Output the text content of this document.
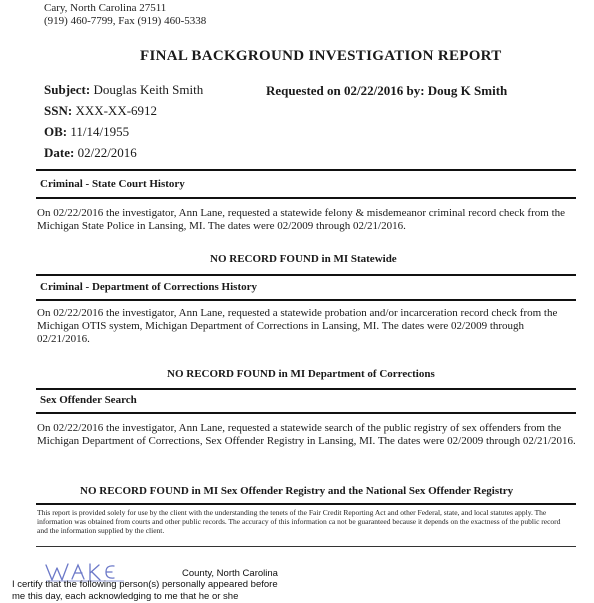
Cary, North Carolina 27511
(919) 460-7799, Fax (919) 460-5338
FINAL BACKGROUND INVESTIGATION REPORT
Subject: Douglas Keith Smith
SSN: XXX-XX-6912
OB: 11/14/1955
Date: 02/22/2016
Requested on 02/22/2016 by: Doug K Smith
Criminal - State Court History
On 02/22/2016 the investigator, Ann Lane, requested a statewide felony & misdemeanor criminal record check from the Michigan State Police in Lansing, MI. The dates were 02/2009 through 02/21/2016.
NO RECORD FOUND in MI Statewide
Criminal - Department of Corrections History
On 02/22/2016 the investigator, Ann Lane, requested a statewide probation and/or incarceration record check from the Michigan OTIS system, Michigan Department of Corrections in Lansing, MI. The dates were 02/2009 through 02/21/2016.
NO RECORD FOUND in MI Department of Corrections
Sex Offender Search
On 02/22/2016 the investigator, Ann Lane, requested a statewide search of the public registry of sex offenders from the Michigan Department of Corrections, Sex Offender Registry in Lansing, MI. The dates were 02/2009 through 02/21/2016.
NO RECORD FOUND in MI Sex Offender Registry and the National Sex Offender Registry
This report is provided solely for use by the client with the understanding the tenets of the Fair Credit Reporting Act and other Federal, state, and local statutes apply. The information was obtained from courts and other public records. The accuracy of this information ca not be guaranteed because it depends on the exactness of the public record and the information supplied by the client.
County, North Carolina
I certify that the following person(s) personally appeared before
me this day, each acknowledging to me that he or she
